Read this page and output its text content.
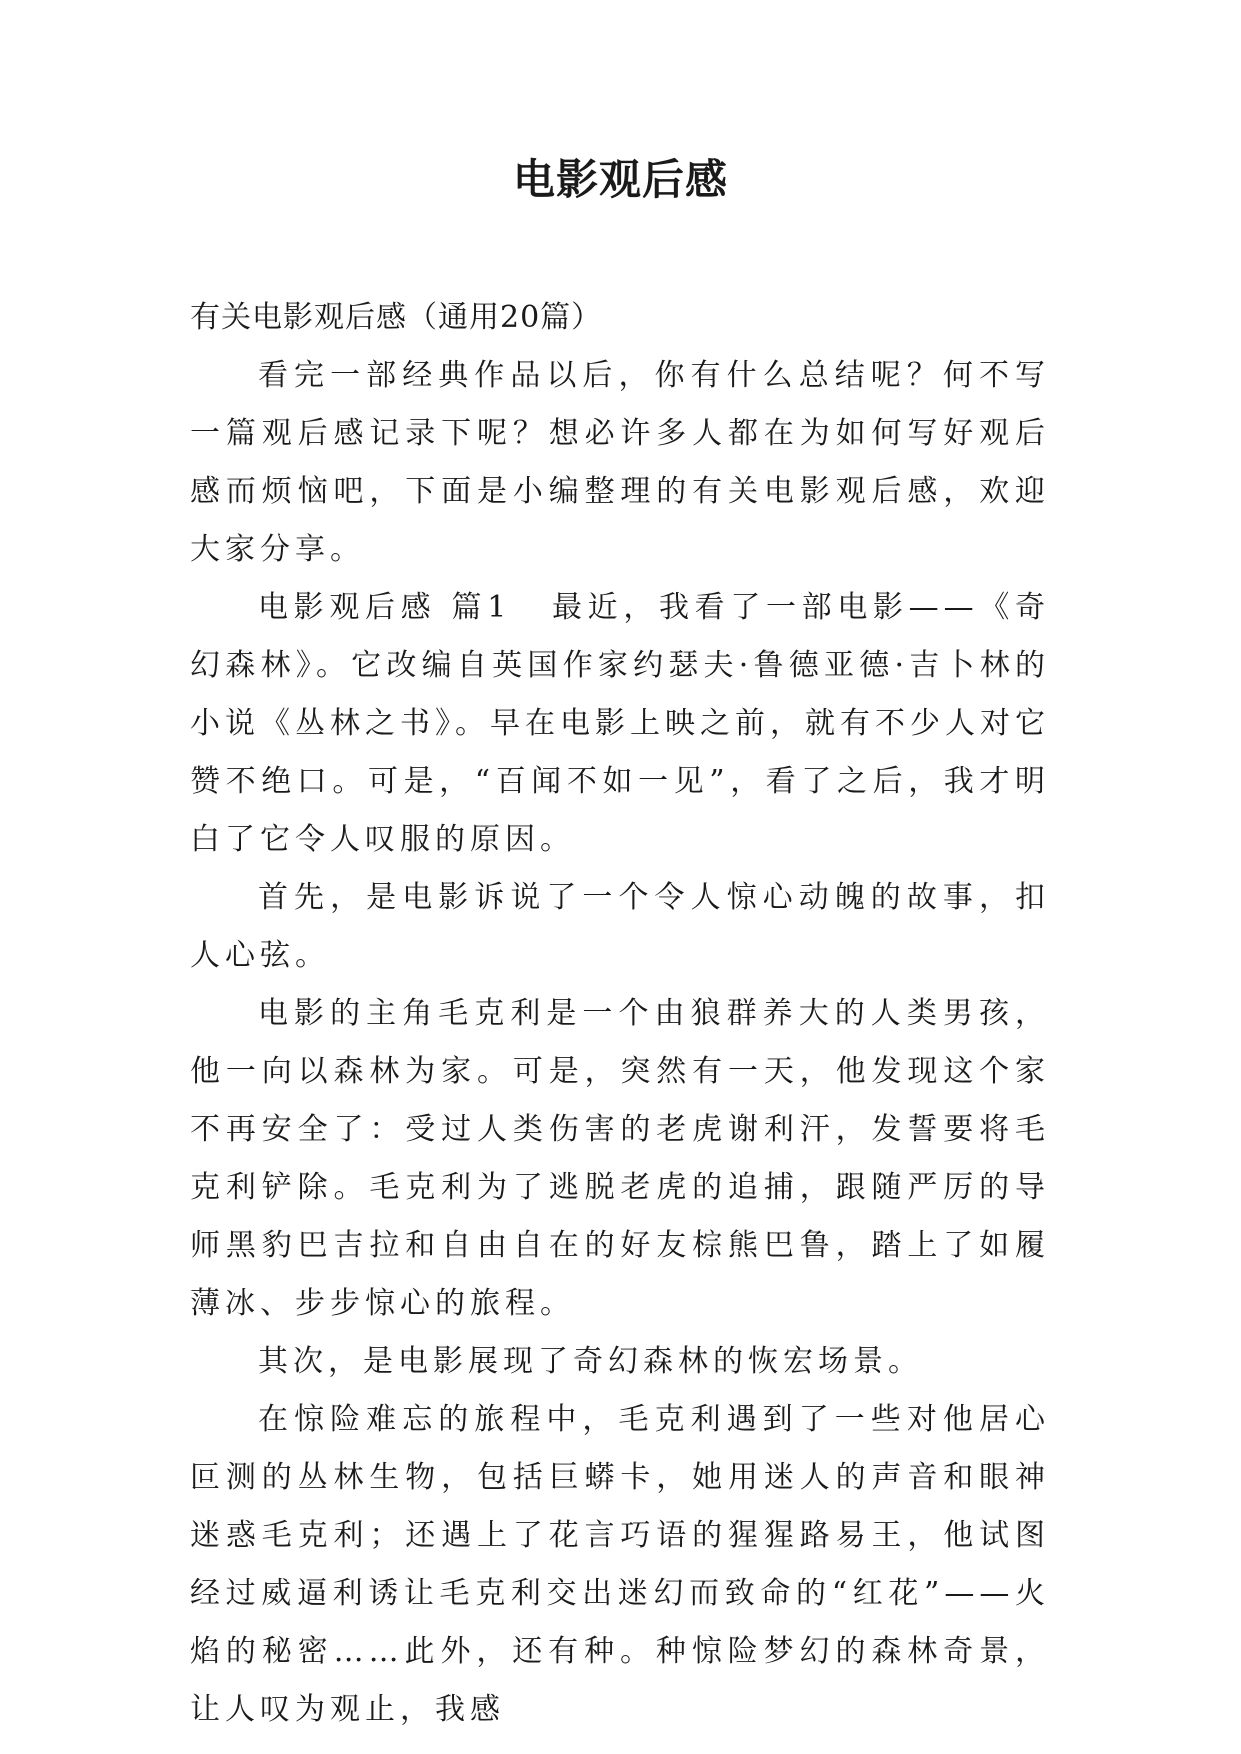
电影观后感

有关电影观后感（通用20篇）

看完一部经典作品以后，你有什么总结呢？何不写一篇观后感记录下呢？想必许多人都在为如何写好观后感而烦恼吧，下面是小编整理的有关电影观后感，欢迎大家分享。

电影观后感 篇1 最近，我看了一部电影——《奇幻森林》。它改编自英国作家约瑟夫·鲁德亚德·吉卜林的小说《丛林之书》。早在电影上映之前，就有不少人对它赞不绝口。可是，“百闻不如一见”，看了之后，我才明白了它令人叹服的原因。

首先，是电影诉说了一个令人惊心动魄的故事，扣人心弦。

电影的主角毛克利是一个由狼群养大的人类男孩，他一向以森林为家。可是，突然有一天，他发现这个家不再安全了：受过人类伤害的老虎谢利汗，发誓要将毛克利铲除。毛克利为了逃脱老虎的追捕，跟随严厉的导师黑豹巴吉拉和自由自在的好友棕熊巴鲁，踏上了如履薄冰、步步惊心的旅程。

其次，是电影展现了奇幻森林的恢宏场景。

在惊险难忘的旅程中，毛克利遇到了一些对他居心叵测的丛林生物，包括巨蟒卡，她用迷人的声音和眼神迷惑毛克利；还遇上了花言巧语的猩猩路易王，他试图经过威逼利诱让毛克利交出迷幻而致命的“红花”——火焰的秘密……此外，还有种。种惊险梦幻的森林奇景，让人叹为观止，我感
